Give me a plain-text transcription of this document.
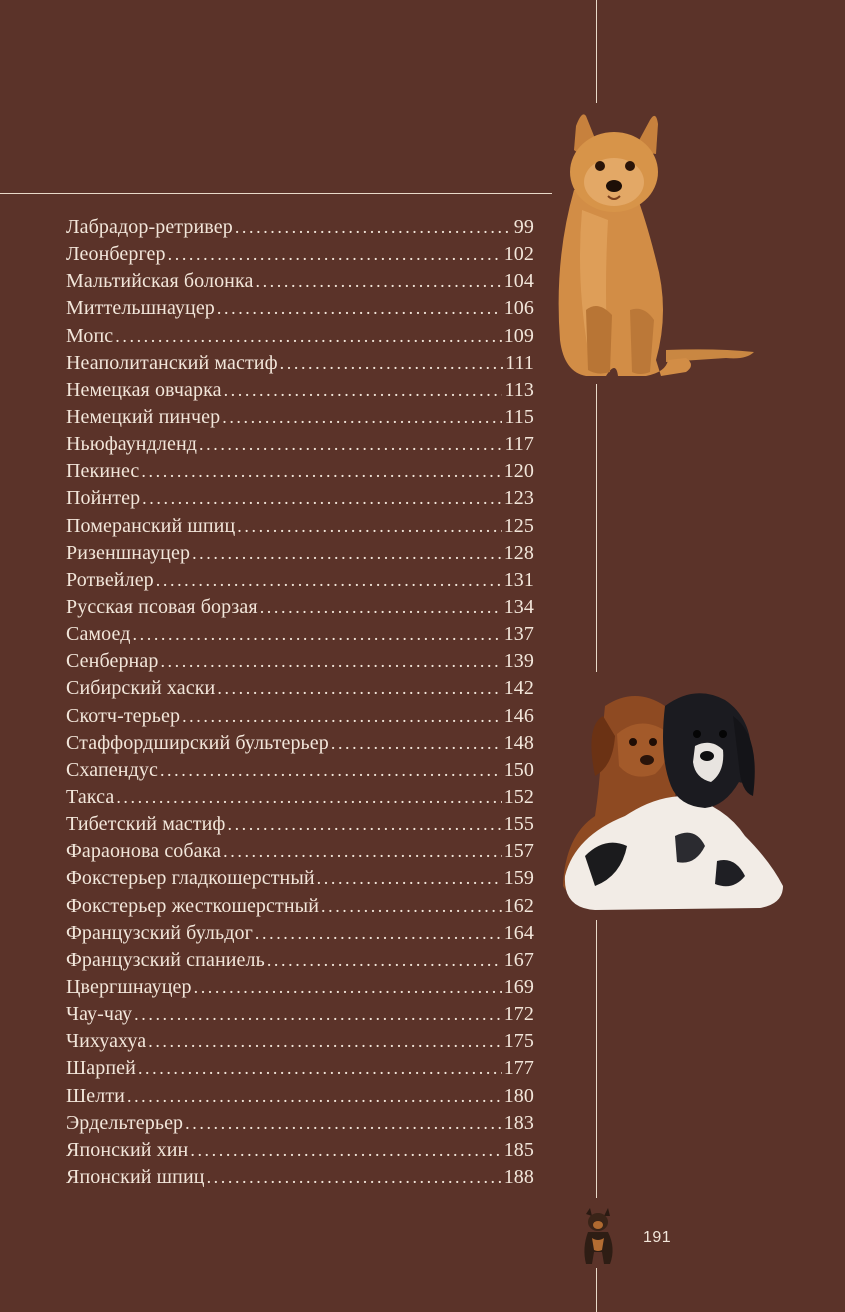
Лабрадор-ретривер .....	99
Леонбергер .....	102
Мальтийская болонка .....	104
Миттельшнауцер .....	106
Мопс .....	109
Неаполитанский мастиф .....	111
Немецкая овчарка .....	113
Немецкий пинчер .....	115
Ньюфаундленд .....	117
Пекинес .....	120
Пойнтер .....	123
Померанский шпиц .....	125
Ризеншнауцер .....	128
Ротвейлер .....	131
Русская псовая борзая .....	134
Самоед .....	137
Сенбернар .....	139
Сибирский хаски .....	142
Скотч-терьер .....	146
Стаффордширский бультерьер .....	148
Схапендус .....	150
Такса .....	152
Тибетский мастиф .....	155
Фараонова собака .....	157
Фокстерьер гладкошерстный .....	159
Фокстерьер жесткошерстный .....	162
Французский бульдог .....	164
Французский спаниель .....	167
Цвергшнауцер .....	169
Чау-чау .....	172
Чихуахуа .....	175
Шарпей .....	177
Шелти .....	180
Эрдельтерьер .....	183
Японский хин .....	185
Японский шпиц .....	188
191
